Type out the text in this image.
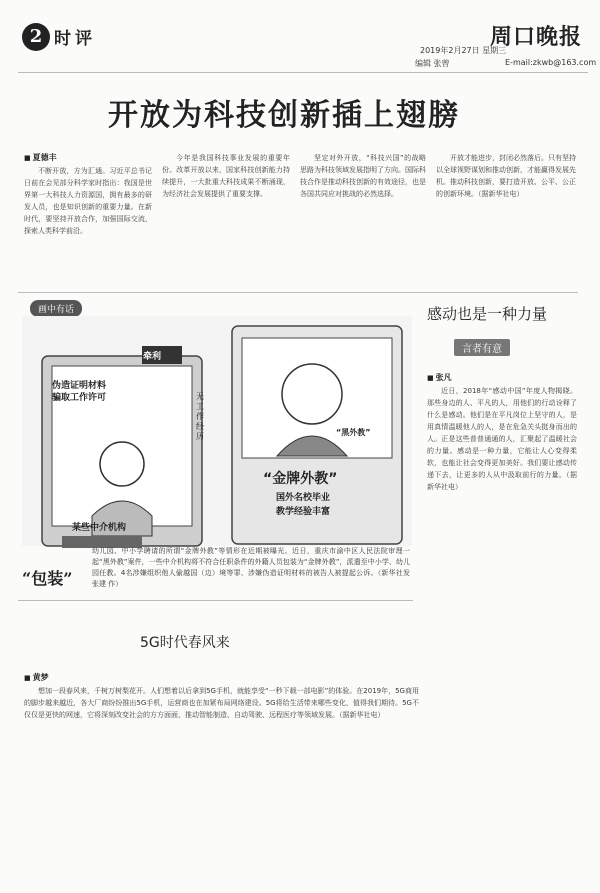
2 时评	周口晚报
2019年2月27日 星期三
编辑 张曾	E-mail:zkwb@163.com
开放为科技创新插上翅膀
■ 夏德丰

不断开放，方为汇通。习近平总书记日前在会见部分科学家时指出：我国是世界第一大科技人力资源国，拥有最多的研发人员，也是知识创新的重要力量。在新时代，要坚持开放合作，加强国际交流，探索人类科学前沿。

今年是我国科技事业发展的重要年份。改革开放以来，国家科技创新能力持续提升，一大批重大科技成果不断涌现，为经济社会发展提供了重要支撑。

坚定对外开放，“科技兴国”的战略思路为科技领域发展指明了方向。国际科技合作是推动科技创新的有效途径，也是各国共同应对挑战的必然选择。

开放才能进步，封闭必然落后。只有坚持以全球视野谋划和推动创新，才能赢得发展先机。推动科技创新，要打造开放、公平、公正的创新环境。（据新华社电）

画中有话
伪造证明材料
骗取工作许可
牵利
无工作经历
某些中介机构
“金牌外教”
国外名校毕业
教学经验丰富
“黑外教”
“包装”
幼儿园、中小学聘请的所谓“金牌外教”等情形在近期被曝光。近日，重庆市渝中区人民法院审理一起“黑外教”案件，一些中介机构将不符合任职条件的外籍人员包装为“金牌外教”，派遣至中小学、幼儿园任教。4名涉嫌组织他人偷越国（边）境等罪、涉嫌伪造证明材料的被告人被提起公诉。（新华社发 张建 作）
感动也是一种力量
言者有意
■ 张凡

近日，2018年“感动中国”年度人物揭晓。那些身边的人、平凡的人，用他们的行动诠释了什么是感动。他们是在平凡岗位上坚守的人，是用真情温暖他人的人，是在危急关头挺身而出的人。正是这些普普通通的人，汇聚起了温暖社会的力量。感动是一种力量，它能让人心变得柔软，也能让社会变得更加美好。我们要让感动传递下去，让更多的人从中汲取前行的力量。（据新华社电）

5G时代春风来
■ 黄梦

想加一段春风来，千树万树梨花开。人们想着以后拿到5G手机，就能享受“一秒下载一部电影”的体验。在2019年，5G商用的脚步越来越近，各大厂商纷纷推出5G手机，运营商也在加紧布局网络建设。5G将给生活带来哪些变化，值得我们期待。5G不仅仅是更快的网速，它将深刻改变社会的方方面面，推动智能制造、自动驾驶、远程医疗等领域发展。（据新华社电）
